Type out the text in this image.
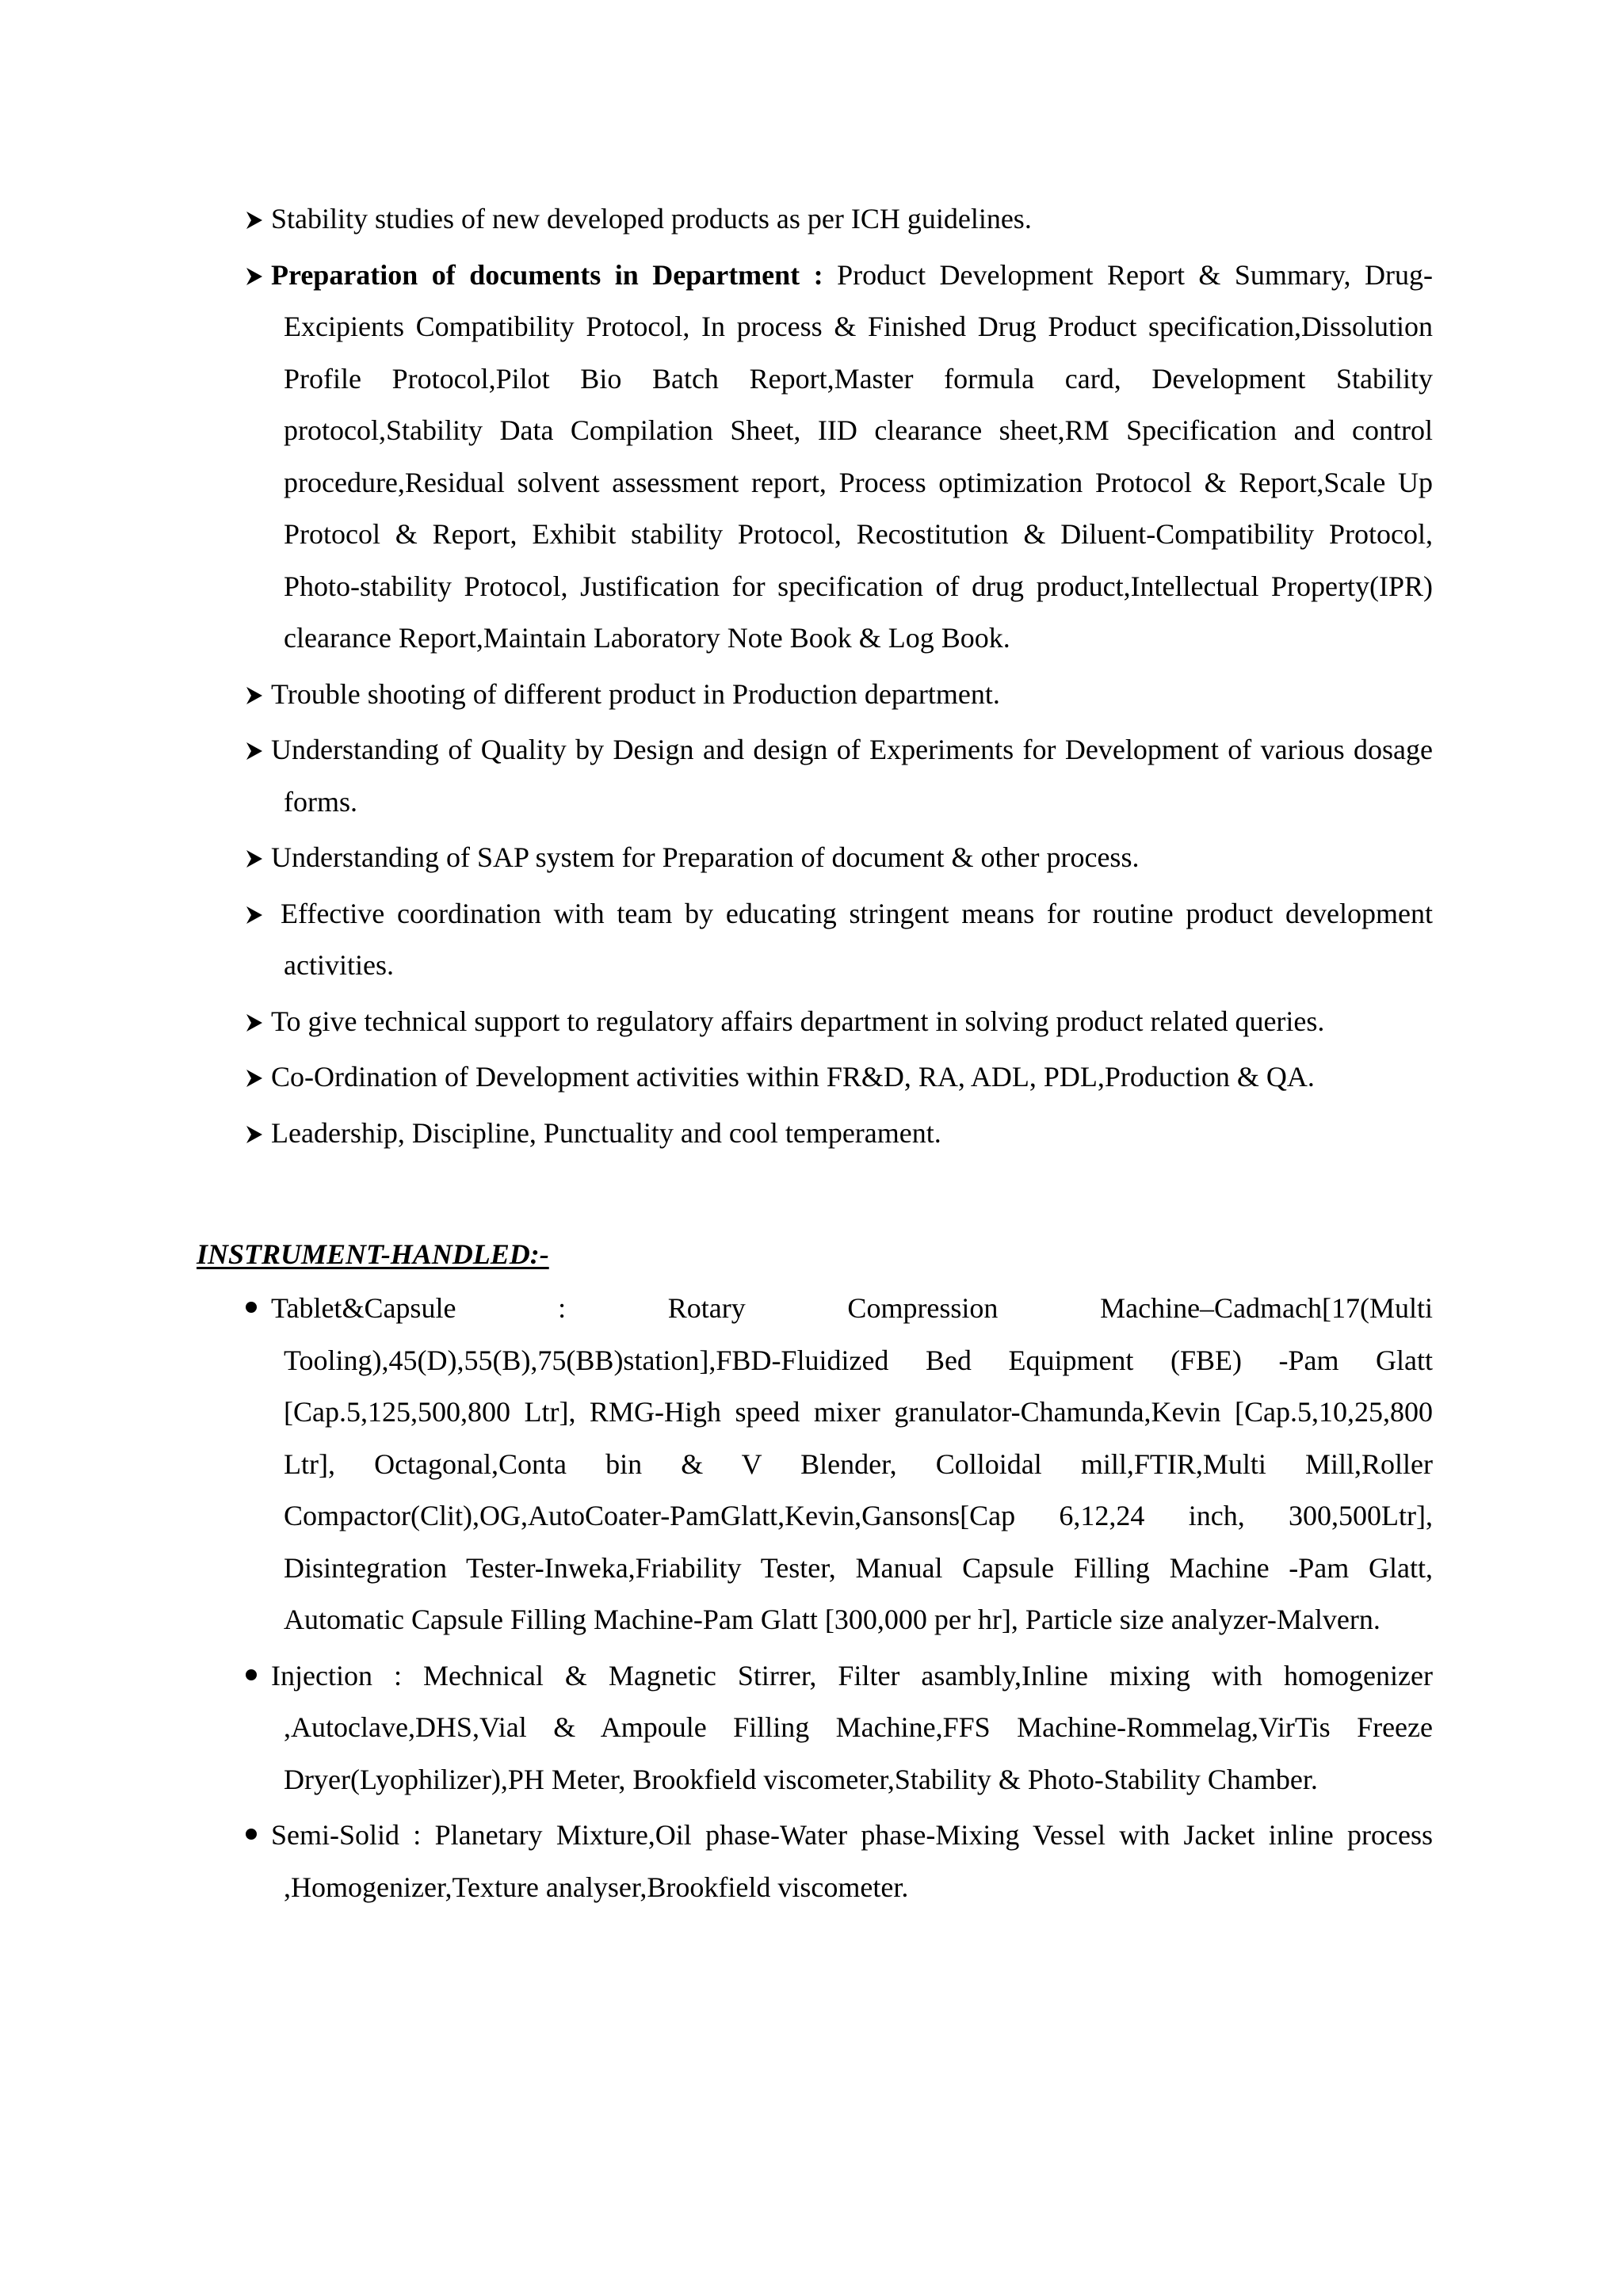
Stability studies of new developed products as per ICH guidelines.
Preparation of documents in Department : Product Development Report & Summary, Drug-Excipients Compatibility Protocol, In process & Finished Drug Product specification,Dissolution Profile Protocol,Pilot Bio Batch Report,Master formula card, Development Stability protocol,Stability Data Compilation Sheet, IID clearance sheet,RM Specification and control procedure,Residual solvent assessment report, Process optimization Protocol & Report,Scale Up Protocol & Report, Exhibit stability Protocol, Recostitution & Diluent-Compatibility Protocol, Photo-stability Protocol, Justification for specification of drug product,Intellectual Property(IPR) clearance Report,Maintain Laboratory Note Book & Log Book.
Trouble shooting of different product in Production department.
Understanding of Quality by Design and design of Experiments for Development of various dosage forms.
Understanding of SAP system for Preparation of document & other process.
Effective coordination with team by educating stringent means for routine product development activities.
To give technical support to regulatory affairs department in solving product related queries.
Co-Ordination of Development activities within FR&D, RA, ADL, PDL,Production & QA.
Leadership, Discipline, Punctuality and cool temperament.
INSTRUMENT-HANDLED:-
Tablet&Capsule : Rotary Compression Machine–Cadmach[17(Multi Tooling),45(D),55(B),75(BB)station],FBD-Fluidized Bed Equipment (FBE) -Pam Glatt [Cap.5,125,500,800 Ltr], RMG-High speed mixer granulator-Chamunda,Kevin [Cap.5,10,25,800 Ltr], Octagonal,Conta bin & V Blender, Colloidal mill,FTIR,Multi Mill,Roller Compactor(Clit),OG,AutoCoater-PamGlatt,Kevin,Gansons[Cap 6,12,24 inch, 300,500Ltr], Disintegration Tester-Inweka,Friability Tester, Manual Capsule Filling Machine -Pam Glatt, Automatic Capsule Filling Machine-Pam Glatt [300,000 per hr], Particle size analyzer-Malvern.
Injection : Mechnical & Magnetic Stirrer, Filter asambly,Inline mixing with homogenizer ,Autoclave,DHS,Vial & Ampoule Filling Machine,FFS Machine-Rommelag,VirTis Freeze Dryer(Lyophilizer),PH Meter, Brookfield viscometer,Stability & Photo-Stability Chamber.
Semi-Solid : Planetary Mixture,Oil phase-Water phase-Mixing Vessel with Jacket inline process ,Homogenizer,Texture analyser,Brookfield viscometer.
